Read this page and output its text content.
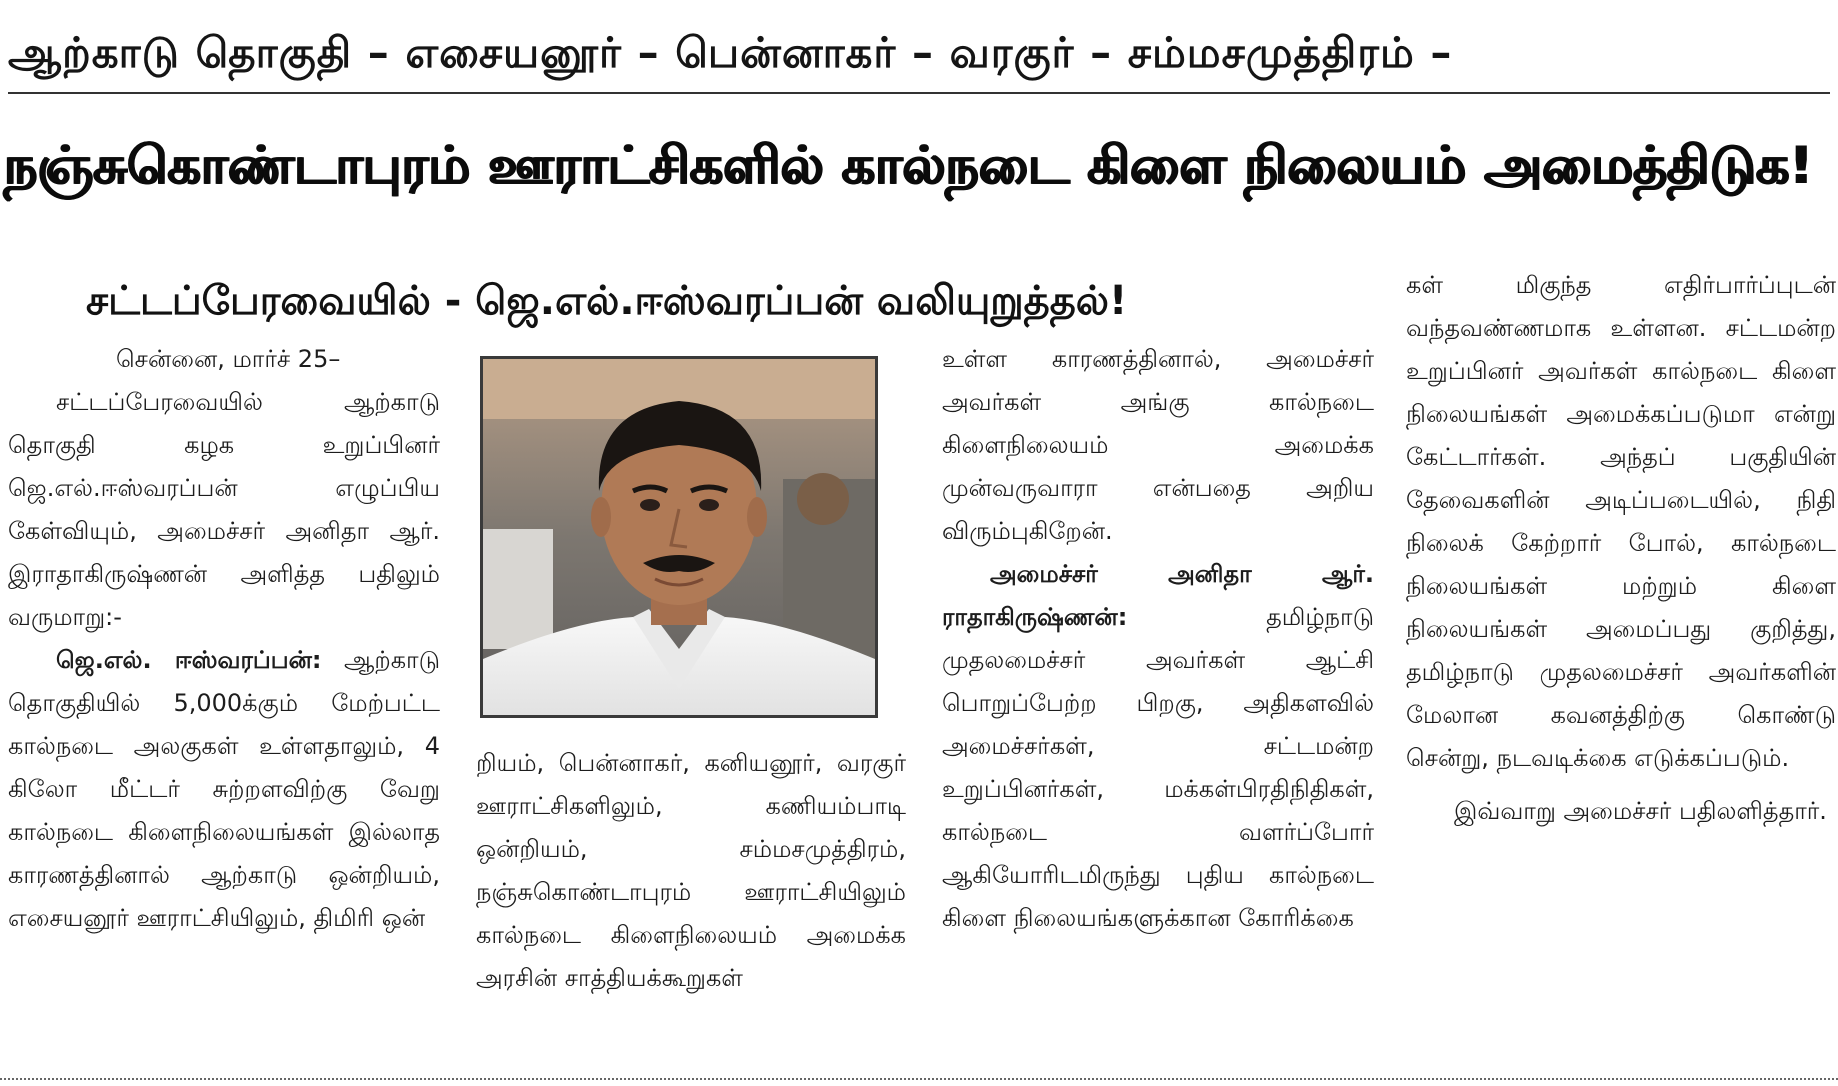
ஆற்காடு தொகுதி – எசையனூர் – பென்னாகர் – வரகுர் – சம்மசமுத்திரம் –
நஞ்சுகொண்டாபுரம் ஊராட்சிகளில் கால்நடை கிளை நிலையம் அமைத்திடுக!
சட்டப்பேரவையில் - ஜெ.எல்.ஈஸ்வரப்பன் வலியுறுத்தல்!
சென்னை, மார்ச் 25–

சட்டப்பேரவையில் ஆற்காடு தொகுதி கழக உறுப்பினர் ஜெ.எல்.ஈஸ்வரப்பன் எழுப்பிய கேள்வியும், அமைச்சர் அனிதா ஆர். இராதாகிருஷ்ணன் அளித்த பதிலும் வருமாறு:-

ஜெ.எல். ஈஸ்வரப்பன்: ஆற்காடு தொகுதியில் 5,000க்கும் மேற்பட்ட கால்நடை அலகுகள் உள்ளதாலும், 4 கிலோ மீட்டர் சுற்றளவிற்கு வேறு கால்நடை கிளைநிலையங்கள் இல்லாத காரணத்தினால் ஆற்காடு ஒன்றியம், எசையனூர் ஊராட்சியிலும், திமிரி ஒன்

றியம், பென்னாகர், கனியனூர், வரகுர் ஊராட்சிகளிலும், கணியம்பாடி ஒன்றியம், சம்மசமுத்திரம், நஞ்சுகொண்டாபுரம் ஊராட்சியிலும் கால்நடை கிளைநிலையம் அமைக்க அரசின் சாத்தியக்கூறுகள்

உள்ள காரணத்தினால், அமைச்சர் அவர்கள் அங்கு கால்நடை கிளைநிலையம் அமைக்க முன்வருவாரா என்பதை அறிய விரும்புகிறேன்.

அமைச்சர் அனிதா ஆர். ராதாகிருஷ்ணன்:	தமிழ்நாடு முதலமைச்சர் அவர்கள் ஆட்சி பொறுப்பேற்ற பிறகு, அதிகளவில் அமைச்சர்கள், சட்டமன்ற உறுப்பினர்கள், மக்கள்பிரதிநிதிகள், கால்நடை வளர்ப்போர் ஆகியோரிடமிருந்து புதிய கால்நடை கிளை நிலையங்களுக்கான கோரிக்கை

கள் மிகுந்த எதிர்பார்ப்புடன் வந்தவண்ணமாக உள்ளன. சட்டமன்ற உறுப்பினர் அவர்கள் கால்நடை கிளை நிலையங்கள் அமைக்கப்படுமா என்று கேட்டார்கள். அந்தப் பகுதியின் தேவைகளின் அடிப்படையில், நிதி நிலைக் கேற்றார் போல், கால்நடை நிலையங்கள் மற்றும் கிளை நிலையங்கள் அமைப்பது குறித்து, தமிழ்நாடு முதலமைச்சர் அவர்களின் மேலான கவனத்திற்கு கொண்டு சென்று, நடவடிக்கை எடுக்கப்படும்.

இவ்வாறு அமைச்சர் பதிலளித்தார்.
